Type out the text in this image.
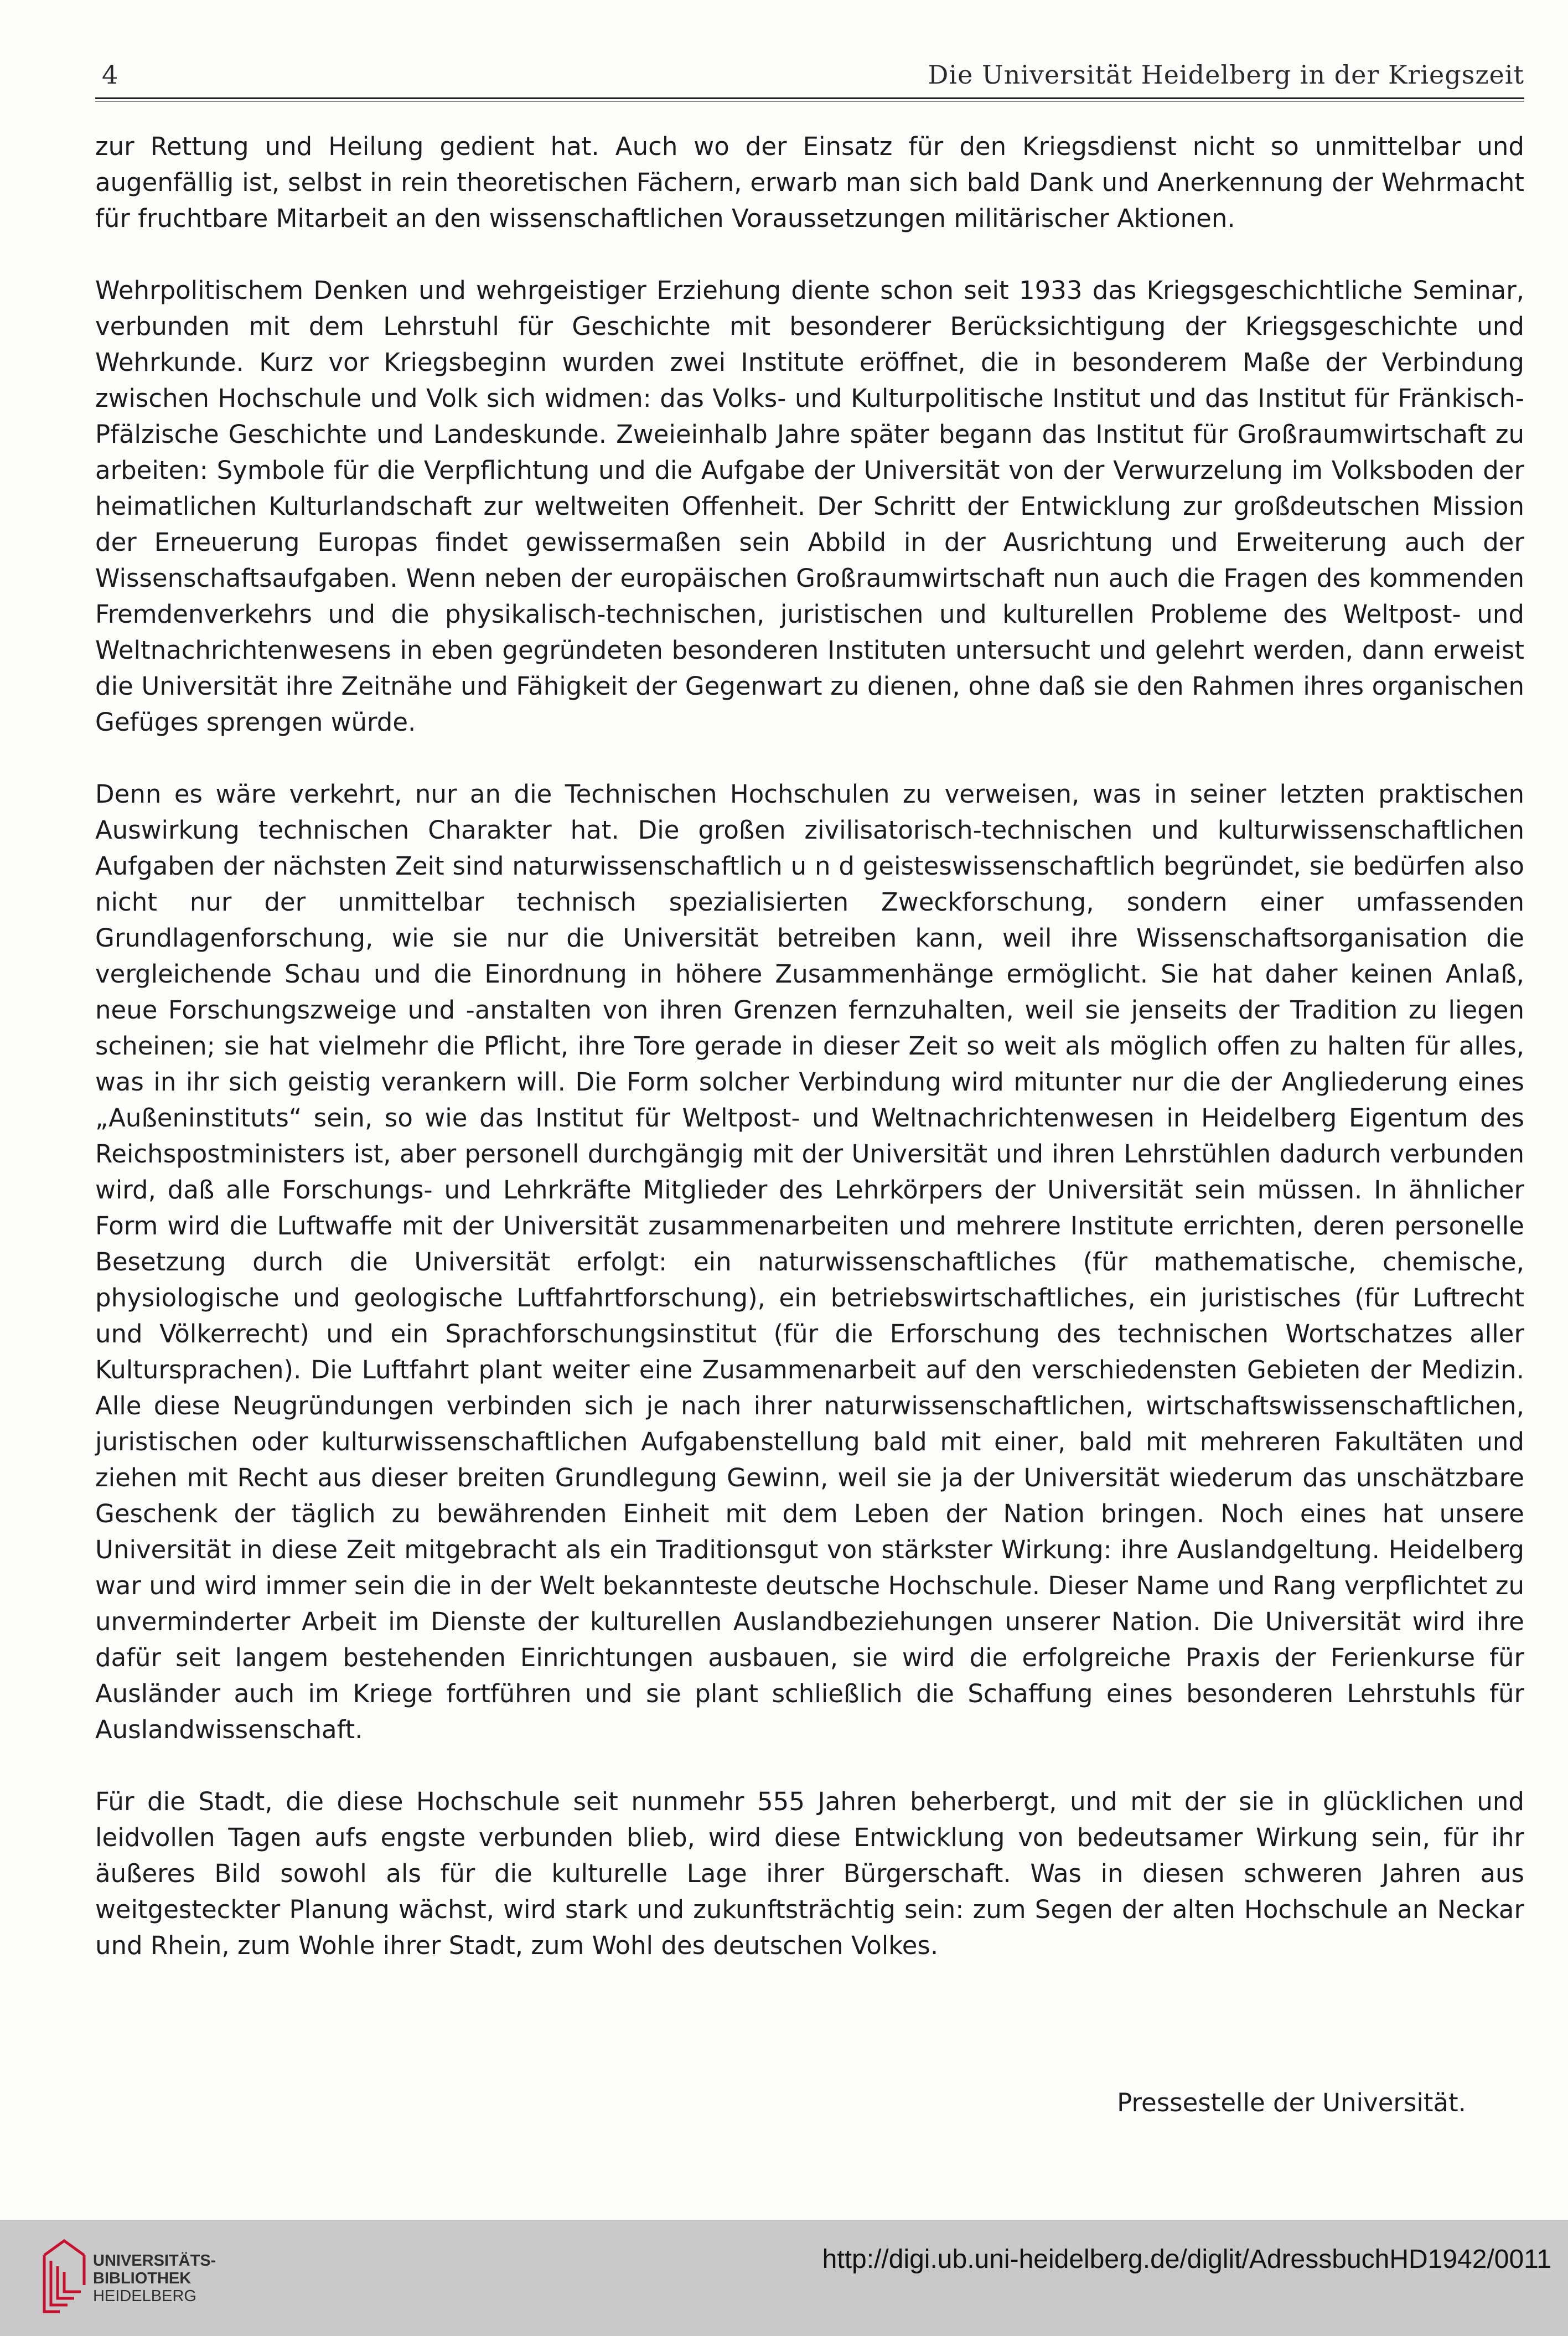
4	Die Universität Heidelberg in der Kriegszeit

zur Rettung und Heilung gedient hat. Auch wo der Einsatz für den Kriegsdienst nicht so unmittelbar und augenfällig ist, selbst in rein theoretischen Fächern, erwarb man sich bald Dank und Anerkennung der Wehrmacht für fruchtbare Mitarbeit an den wissenschaftlichen Voraussetzungen militärischer Aktionen.

Wehrpolitischem Denken und wehrgeistiger Erziehung diente schon seit 1933 das Kriegsgeschichtliche Seminar, verbunden mit dem Lehrstuhl für Geschichte mit besonderer Berücksichtigung der Kriegsgeschichte und Wehrkunde. Kurz vor Kriegsbeginn wurden zwei Institute eröffnet, die in besonderem Maße der Verbindung zwischen Hochschule und Volk sich widmen: das Volks- und Kulturpolitische Institut und das Institut für Fränkisch-Pfälzische Geschichte und Landeskunde. Zweieinhalb Jahre später begann das Institut für Großraumwirtschaft zu arbeiten: Symbole für die Verpflichtung und die Aufgabe der Universität von der Verwurzelung im Volksboden der heimatlichen Kulturlandschaft zur weltweiten Offenheit. Der Schritt der Entwicklung zur großdeutschen Mission der Erneuerung Europas findet gewissermaßen sein Abbild in der Ausrichtung und Erweiterung auch der Wissenschaftsaufgaben. Wenn neben der europäischen Großraumwirtschaft nun auch die Fragen des kommenden Fremdenverkehrs und die physikalisch-technischen, juristischen und kulturellen Probleme des Weltpost- und Weltnachrichtenwesens in eben gegründeten besonderen Instituten untersucht und gelehrt werden, dann erweist die Universität ihre Zeitnähe und Fähigkeit der Gegenwart zu dienen, ohne daß sie den Rahmen ihres organischen Gefüges sprengen würde.

Denn es wäre verkehrt, nur an die Technischen Hochschulen zu verweisen, was in seiner letzten praktischen Auswirkung technischen Charakter hat. Die großen zivilisatorisch-technischen und kulturwissenschaftlichen Aufgaben der nächsten Zeit sind naturwissenschaftlich u n d geisteswissenschaftlich begründet, sie bedürfen also nicht nur der unmittelbar technisch spezialisierten Zweckforschung, sondern einer umfassenden Grundlagenforschung, wie sie nur die Universität betreiben kann, weil ihre Wissenschaftsorganisation die vergleichende Schau und die Einordnung in höhere Zusammenhänge ermöglicht. Sie hat daher keinen Anlaß, neue Forschungszweige und -anstalten von ihren Grenzen fernzuhalten, weil sie jenseits der Tradition zu liegen scheinen; sie hat vielmehr die Pflicht, ihre Tore gerade in dieser Zeit so weit als möglich offen zu halten für alles, was in ihr sich geistig verankern will. Die Form solcher Verbindung wird mitunter nur die der Angliederung eines „Außeninstituts“ sein, so wie das Institut für Weltpost- und Weltnachrichtenwesen in Heidelberg Eigentum des Reichspostministers ist, aber personell durchgängig mit der Universität und ihren Lehrstühlen dadurch verbunden wird, daß alle Forschungs- und Lehrkräfte Mitglieder des Lehrkörpers der Universität sein müssen. In ähnlicher Form wird die Luftwaffe mit der Universität zusammenarbeiten und mehrere Institute errichten, deren personelle Besetzung durch die Universität erfolgt: ein naturwissenschaftliches (für mathematische, chemische, physiologische und geologische Luftfahrtforschung), ein betriebswirtschaftliches, ein juristisches (für Luftrecht und Völkerrecht) und ein Sprachforschungsinstitut (für die Erforschung des technischen Wortschatzes aller Kultursprachen). Die Luftfahrt plant weiter eine Zusammenarbeit auf den verschiedensten Gebieten der Medizin. Alle diese Neugründungen verbinden sich je nach ihrer naturwissenschaftlichen, wirtschaftswissenschaftlichen, juristischen oder kulturwissenschaftlichen Aufgabenstellung bald mit einer, bald mit mehreren Fakultäten und ziehen mit Recht aus dieser breiten Grundlegung Gewinn, weil sie ja der Universität wiederum das unschätzbare Geschenk der täglich zu bewährenden Einheit mit dem Leben der Nation bringen. Noch eines hat unsere Universität in diese Zeit mitgebracht als ein Traditionsgut von stärkster Wirkung: ihre Auslandgeltung. Heidelberg war und wird immer sein die in der Welt bekannteste deutsche Hochschule. Dieser Name und Rang verpflichtet zu unverminderter Arbeit im Dienste der kulturellen Auslandbeziehungen unserer Nation. Die Universität wird ihre dafür seit langem bestehenden Einrichtungen ausbauen, sie wird die erfolgreiche Praxis der Ferienkurse für Ausländer auch im Kriege fortführen und sie plant schließlich die Schaffung eines besonderen Lehrstuhls für Auslandwissenschaft.

Für die Stadt, die diese Hochschule seit nunmehr 555 Jahren beherbergt, und mit der sie in glücklichen und leidvollen Tagen aufs engste verbunden blieb, wird diese Entwicklung von bedeutsamer Wirkung sein, für ihr äußeres Bild sowohl als für die kulturelle Lage ihrer Bürgerschaft. Was in diesen schweren Jahren aus weitgesteckter Planung wächst, wird stark und zukunftsträchtig sein: zum Segen der alten Hochschule an Neckar und Rhein, zum Wohle ihrer Stadt, zum Wohl des deutschen Volkes.

Pressestelle der Universität.
UNIVERSITÄTS-
BIBLIOTHEK
HEIDELBERG
http://digi.ub.uni-heidelberg.de/diglit/AdressbuchHD1942/0011
